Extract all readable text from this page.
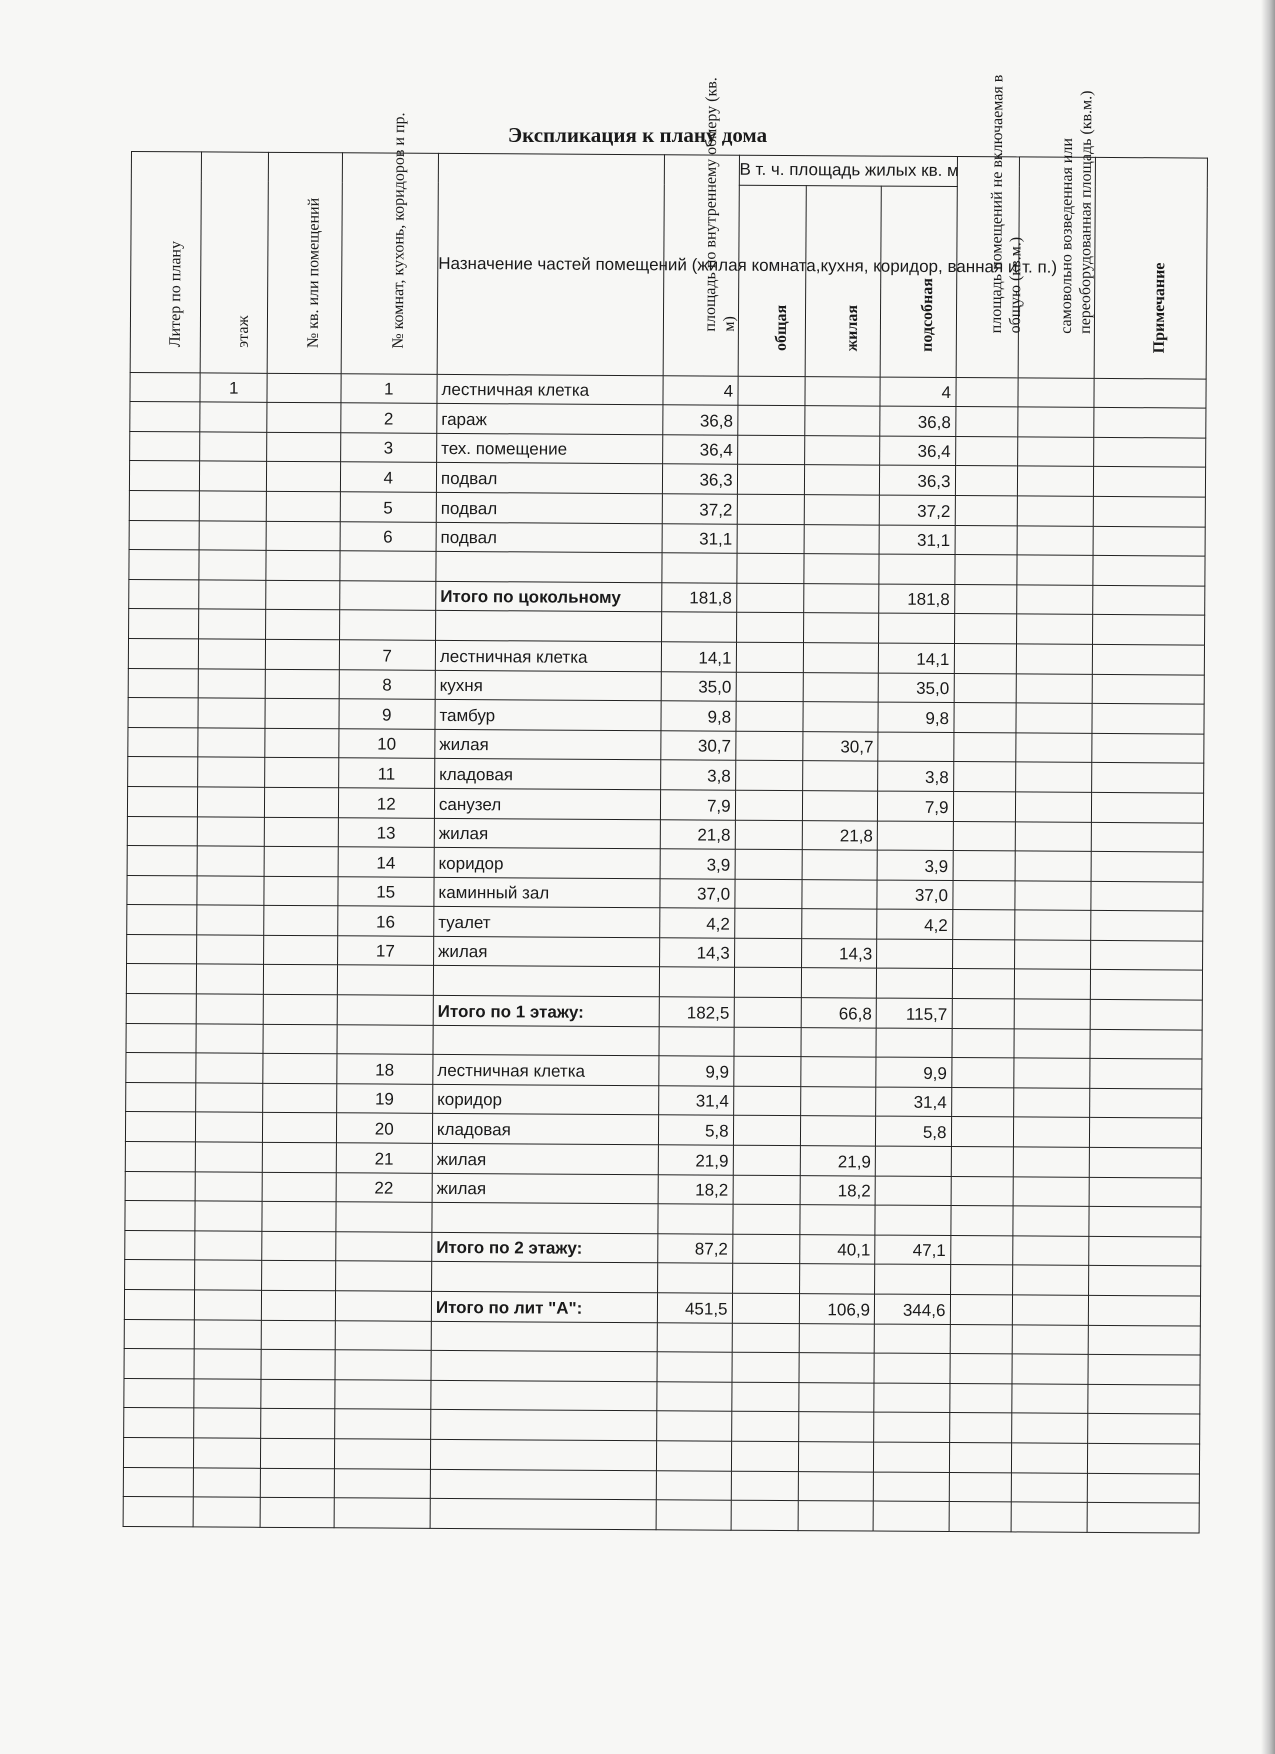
Экспликация к плану дома
Литер по плану	этаж	№ кв. или помещений	№ комнат, кухонь, коридоров и пр.	Назначение частей помещений (жилая комната,кухня, коридор, ванная и т. п.)	площадь по внутреннему обмеру (кв. м)	В т. ч. площадь жилых кв. м			площадь помещений не включаемая в общую (кв.м.)	самовольно возведенная или переоборудованная площадь (кв.м.)	Примечание

						общая	жилая	подсобная			

	1		1	лестничная клетка	4			4			
			2	гараж	36,8			36,8			
			3	тех. помещение	36,4			36,4			
			4	подвал	36,3			36,3			
			5	подвал	37,2			37,2			
			6	подвал	31,1			31,1			

				Итого по цокольному	181,8			181,8			

			7	лестничная клетка	14,1			14,1			
			8	кухня	35,0			35,0			
			9	тамбур	9,8			9,8			
			10	жилая	30,7		30,7				
			11	кладовая	3,8			3,8			
			12	санузел	7,9			7,9			
			13	жилая	21,8		21,8				
			14	коридор	3,9			3,9			
			15	каминный зал	37,0			37,0			
			16	туалет	4,2			4,2			
			17	жилая	14,3		14,3				

				Итого по 1 этажу:	182,5		66,8	115,7			

			18	лестничная клетка	9,9			9,9			
			19	коридор	31,4			31,4			
			20	кладовая	5,8			5,8			
			21	жилая	21,9		21,9				
			22	жилая	18,2		18,2				

				Итого по 2 этажу:	87,2		40,1	47,1			

				Итого по лит "А":	451,5		106,9	344,6			
